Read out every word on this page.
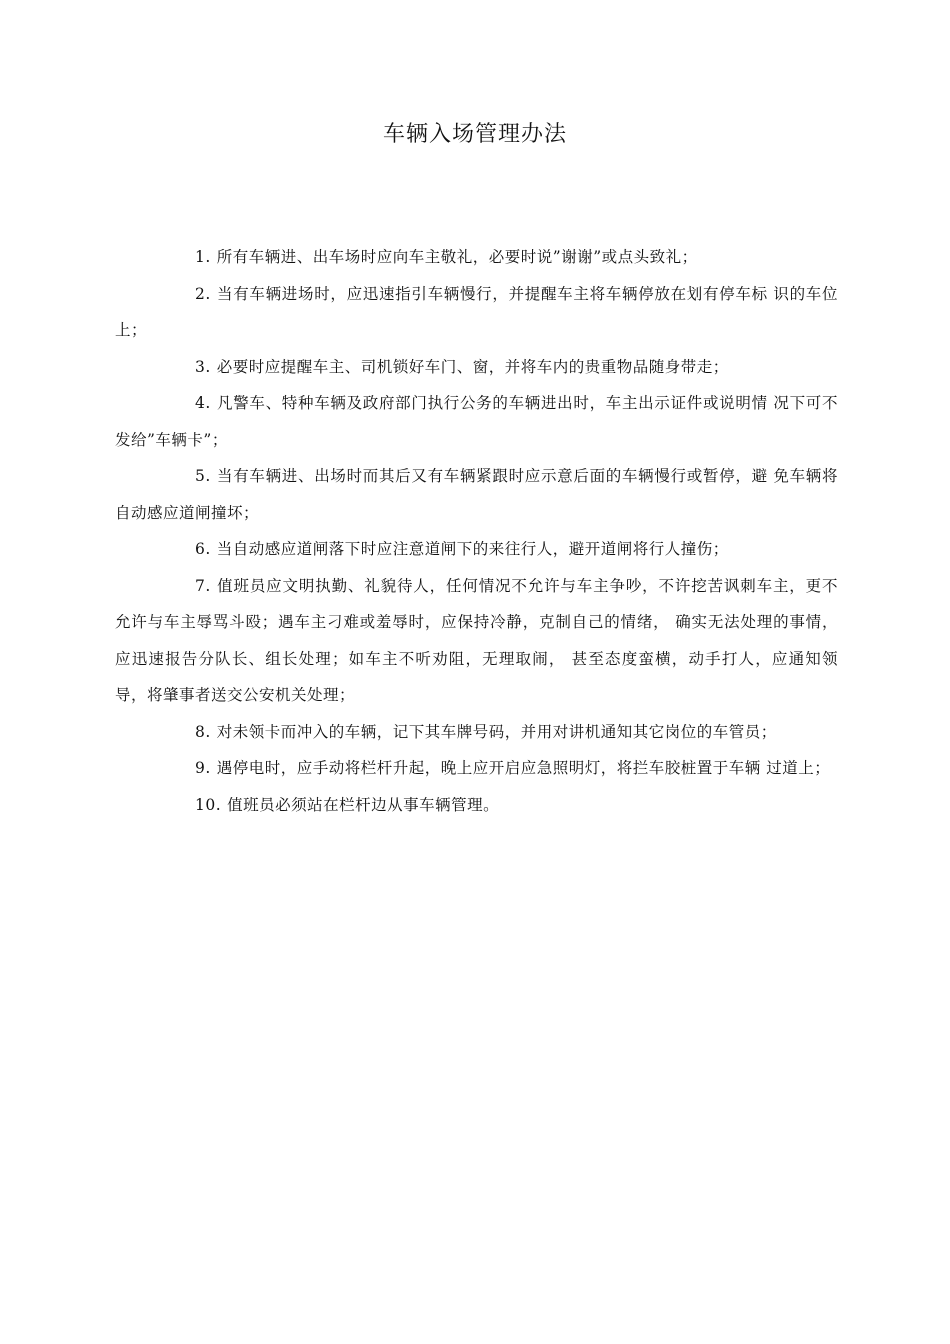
车辆入场管理办法

1. 所有车辆进、出车场时应向车主敬礼，必要时说”谢谢”或点头致礼；

2. 当有车辆进场时，应迅速指引车辆慢行，并提醒车主将车辆停放在划有停车标 识的车位上；

3. 必要时应提醒车主、司机锁好车门、窗，并将车内的贵重物品随身带走；

4. 凡警车、特种车辆及政府部门执行公务的车辆进出时，车主出示证件或说明情 况下可不发给”车辆卡”；

5. 当有车辆进、出场时而其后又有车辆紧跟时应示意后面的车辆慢行或暂停，避 免车辆将自动感应道闸撞坏；

6. 当自动感应道闸落下时应注意道闸下的来往行人，避开道闸将行人撞伤；

7. 值班员应文明执勤、礼貌待人，任何情况不允许与车主争吵，不许挖苦讽刺车主，更不允许与车主辱骂斗殴；遇车主刁难或羞辱时，应保持冷静，克制自己的情绪， 确实无法处理的事情，应迅速报告分队长、组长处理；如车主不听劝阻，无理取闹， 甚至态度蛮横，动手打人，应通知领导，将肇事者送交公安机关处理；

8. 对未领卡而冲入的车辆，记下其车牌号码，并用对讲机通知其它岗位的车管员；

9. 遇停电时，应手动将栏杆升起，晚上应开启应急照明灯，将拦车胶桩置于车辆 过道上；

10. 值班员必须站在栏杆边从事车辆管理。
